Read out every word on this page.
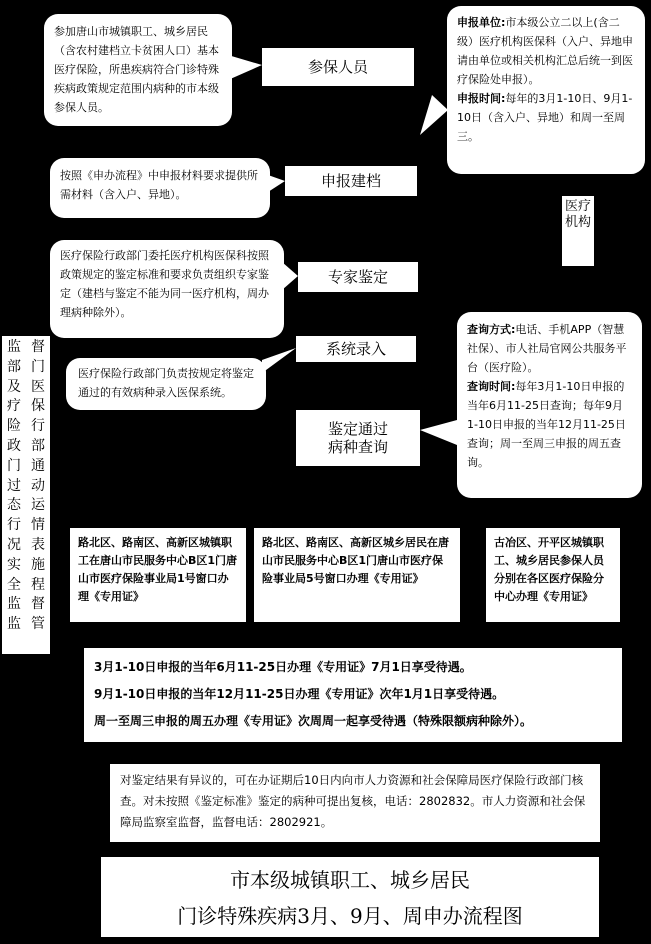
参加唐山市城镇职工、城乡居民（含农村建档立卡贫困人口）基本医疗保险，所患疾病符合门诊特殊疾病政策规定范围内病种的市本级参保人员。
参保人员
申报单位:市本级公立二以上(含二级）医疗机构医保科（入户、异地申请由单位或相关机构汇总后统一到医疗保险处申报）。
申报时间:每年的3月1-10日、9月1-10日（含入户、异地）和周一至周三。
按照《申办流程》中申报材料要求提供所需材料（含入户、异地）。
申报建档
医疗机构
医疗保险行政部门委托医疗机构医保科按照政策规定的鉴定标准和要求负责组织专家鉴定（建档与鉴定不能为同一医疗机构，周办理病种除外）。
专家鉴定
查询方式:电话、手机APP（智慧社保）、市人社局官网公共服务平台（医疗险）。
查询时间:每年3月1-10日申报的当年6月11-25日查询；每年9月1-10日申报的当年12月11-25日查询；周一至周三申报的周五查询。
监部及疗险政门过态行况实全监监
督门医保行部通动运情表施程督管
系统录入
医疗保险行政部门负责按规定将鉴定通过的有效病种录入医保系统。
鉴定通过
病种查询
路北区、路南区、高新区城镇职工在唐山市民服务中心B区1门唐山市医疗保险事业局1号窗口办理《专用证》
路北区、路南区、高新区城乡居民在唐山市民服务中心B区1门唐山市医疗保险事业局5号窗口办理《专用证》
古冶区、开平区城镇职工、城乡居民参保人员分别在各区医疗保险分中心办理《专用证》
3月1-10日申报的当年6月11-25日办理《专用证》7月1日享受待遇。
9月1-10日申报的当年12月11-25日办理《专用证》次年1月1日享受待遇。
周一至周三申报的周五办理《专用证》次周周一起享受待遇（特殊限额病种除外）。
对鉴定结果有异议的，可在办证期后10日内向市人力资源和社会保障局医疗保险行政部门核查。对未按照《鉴定标准》鉴定的病种可提出复核，电话：2802832。市人力资源和社会保障局监察室监督，监督电话：2802921。
市本级城镇职工、城乡居民
门诊特殊疾病3月、9月、周申办流程图
